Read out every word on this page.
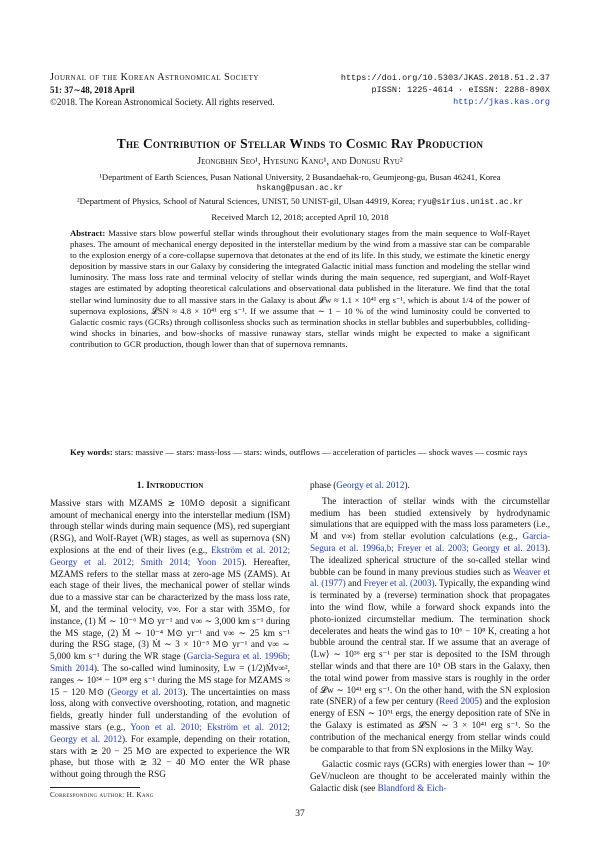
Journal of the Korean Astronomical Society
51: 37∼48, 2018 April
©2018. The Korean Astronomical Society. All rights reserved.
https://doi.org/10.5303/JKAS.2018.51.2.37
pISSN: 1225-4614 · eISSN: 2288-890X
http://jkas.kas.org
The Contribution of Stellar Winds to Cosmic Ray Production
Jeongbhin Seo¹, Hyesung Kang¹, and Dongsu Ryu²
¹Department of Earth Sciences, Pusan National University, 2 Busandaehak-ro, Geumjeong-gu, Busan 46241, Korea
hskang@pusan.ac.kr
²Department of Physics, School of Natural Sciences, UNIST, 50 UNIST-gil, Ulsan 44919, Korea; ryu@sirius.unist.ac.kr
Received March 12, 2018; accepted April 10, 2018
Abstract: Massive stars blow powerful stellar winds throughout their evolutionary stages from the main sequence to Wolf-Rayet phases. The amount of mechanical energy deposited in the interstellar medium by the wind from a massive star can be comparable to the explosion energy of a core-collapse supernova that detonates at the end of its life. In this study, we estimate the kinetic energy deposition by massive stars in our Galaxy by considering the integrated Galactic initial mass function and modeling the stellar wind luminosity. The mass loss rate and terminal velocity of stellar winds during the main sequence, red supergiant, and Wolf-Rayet stages are estimated by adopting theoretical calculations and observational data published in the literature. We find that the total stellar wind luminosity due to all massive stars in the Galaxy is about 𝓛w ≈ 1.1 × 10⁴¹ erg s⁻¹, which is about 1/4 of the power of supernova explosions, 𝓛SN ≈ 4.8 × 10⁴¹ erg s⁻¹. If we assume that ∼ 1 − 10 % of the wind luminosity could be converted to Galactic cosmic rays (GCRs) through collisonless shocks such as termination shocks in stellar bubbles and superbubbles, colliding-wind shocks in binaries, and bow-shocks of massive runaway stars, stellar winds might be expected to make a significant contribution to GCR production, though lower than that of supernova remnants.
Key words: stars: massive — stars: mass-loss — stars: winds, outflows — acceleration of particles — shock waves — cosmic rays
1. Introduction

Massive stars with MZAMS ≳ 10M⊙ deposit a significant amount of mechanical energy into the interstellar medium (ISM) through stellar winds during main sequence (MS), red supergiant (RSG), and Wolf-Rayet (WR) stages, as well as supernova (SN) explosions at the end of their lives (e.g., Ekström et al. 2012; Georgy et al. 2012; Smith 2014; Yoon 2015). Hereafter, MZAMS refers to the stellar mass at zero-age MS (ZAMS). At each stage of their lives, the mechanical power of stellar winds due to a massive star can be characterized by the mass loss rate, Ṁ, and the terminal velocity, v∞. For a star with 35M⊙, for instance, (1) Ṁ ∼ 10⁻⁶ M⊙ yr⁻¹ and v∞ ∼ 3,000 km s⁻¹ during the MS stage, (2) Ṁ ∼ 10⁻⁴ M⊙ yr⁻¹ and v∞ ∼ 25 km s⁻¹ during the RSG stage, (3) Ṁ ∼ 3 × 10⁻⁵ M⊙ yr⁻¹ and v∞ ∼ 5,000 km s⁻¹ during the WR stage (Garcia-Segura et al. 1996b; Smith 2014). The so-called wind luminosity, Lw = (1/2)Ṁv∞², ranges ∼ 10³⁴ − 10³⁸ erg s⁻¹ during the MS stage for MZAMS ≈ 15 − 120 M⊙ (Georgy et al. 2013). The uncertainties on mass loss, along with convective overshooting, rotation, and magnetic fields, greatly hinder full understanding of the evolution of massive stars (e.g., Yoon et al. 2010; Ekström et al. 2012; Georgy et al. 2012). For example, depending on their rotation, stars with ≳ 20 − 25 M⊙ are expected to experience the WR phase, but those with ≳ 32 − 40 M⊙ enter the WR phase without going through the RSG

phase (Georgy et al. 2012).

The interaction of stellar winds with the circumstellar medium has been studied extensively by hydrodynamic simulations that are equipped with the mass loss parameters (i.e., Ṁ and v∞) from stellar evolution calculations (e.g., Garcia-Segura et al. 1996a,b; Freyer et al. 2003; Georgy et al. 2013). The idealized spherical structure of the so-called stellar wind bubble can be found in many previous studies such as Weaver et al. (1977) and Freyer et al. (2003). Typically, the expanding wind is terminated by a (reverse) termination shock that propagates into the wind flow, while a forward shock expands into the photo-ionized circumstellar medium. The termination shock decelerates and heats the wind gas to 10⁶ − 10⁸ K, creating a hot bubble around the central star. If we assume that an average of ⟨Lw⟩ ∼ 10³⁶ erg s⁻¹ per star is deposited to the ISM through stellar winds and that there are 10⁵ OB stars in the Galaxy, then the total wind power from massive stars is roughly in the order of 𝓛w ∼ 10⁴¹ erg s⁻¹. On the other hand, with the SN explosion rate (SNER) of a few per century (Reed 2005) and the explosion energy of ESN ∼ 10⁵¹ ergs, the energy deposition rate of SNe in the Galaxy is estimated as 𝓛SN ∼ 3 × 10⁴¹ erg s⁻¹. So the contribution of the mechanical energy from stellar winds could be comparable to that from SN explosions in the Milky Way.

Galactic cosmic rays (GCRs) with energies lower than ∼ 10⁶ GeV/nucleon are thought to be accelerated mainly within the Galactic disk (see Blandford & Eich-

Corresponding author: H. Kang
37
